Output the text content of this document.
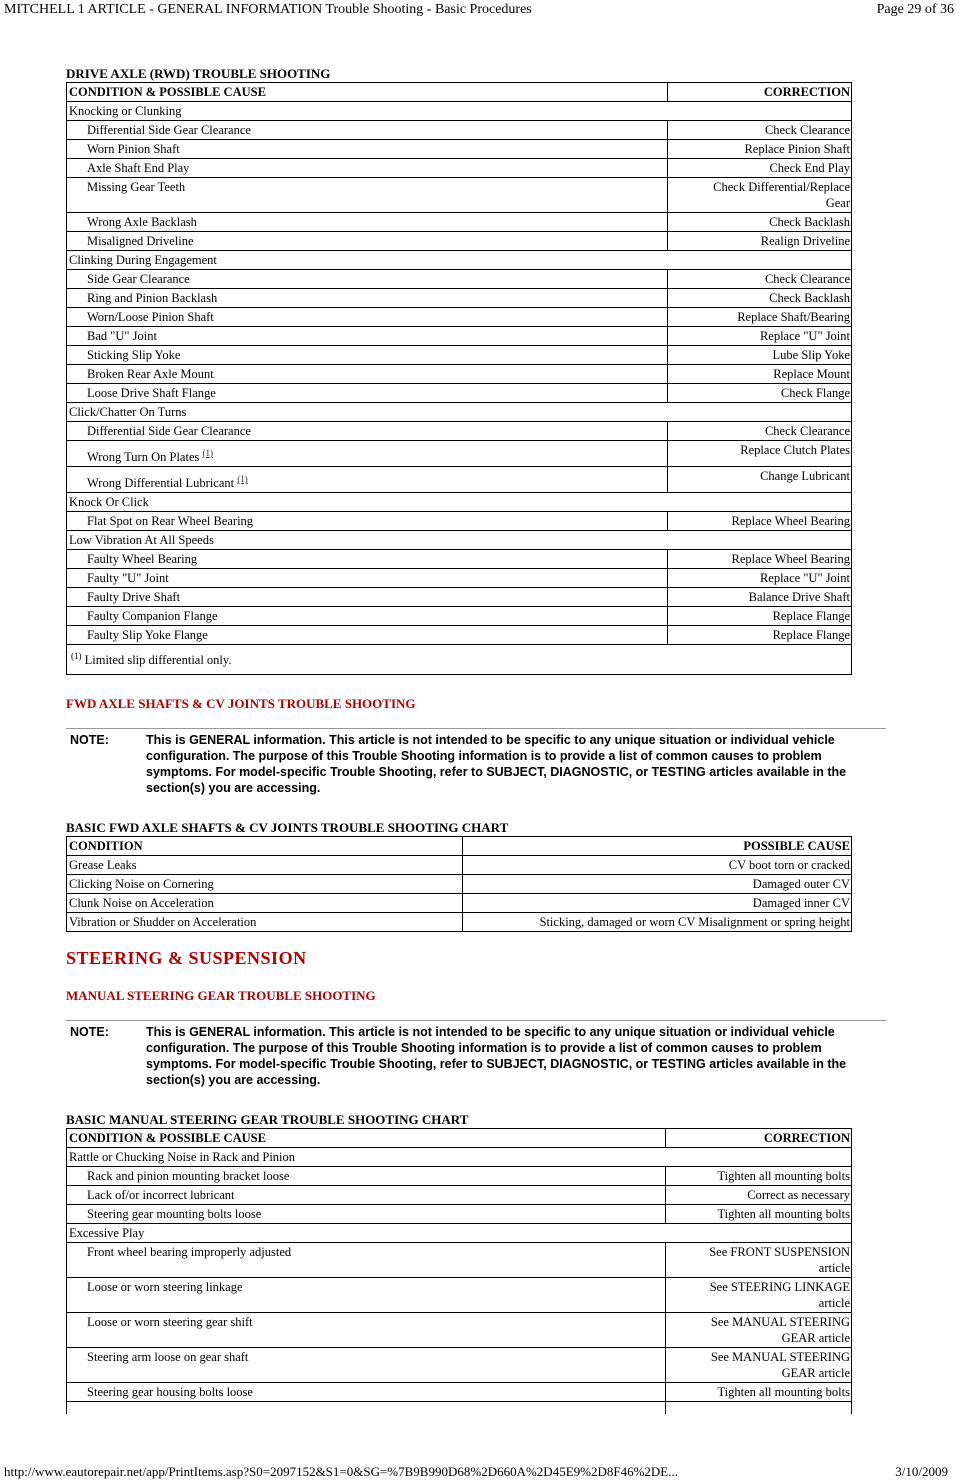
MITCHELL 1 ARTICLE - GENERAL INFORMATION Trouble Shooting - Basic Procedures	Page 29 of 36
DRIVE AXLE (RWD) TROUBLE SHOOTING
CONDITION & POSSIBLE CAUSE	CORRECTION
Knocking or Clunking	
Differential Side Gear Clearance	Check Clearance
Worn Pinion Shaft	Replace Pinion Shaft
Axle Shaft End Play	Check End Play
Missing Gear Teeth	Check Differential/Replace
Gear
Wrong Axle Backlash	Check Backlash
Misaligned Driveline	Realign Driveline
Clinking During Engagement	
Side Gear Clearance	Check Clearance
Ring and Pinion Backlash	Check Backlash
Worn/Loose Pinion Shaft	Replace Shaft/Bearing
Bad "U" Joint	Replace "U" Joint
Sticking Slip Yoke	Lube Slip Yoke
Broken Rear Axle Mount	Replace Mount
Loose Drive Shaft Flange	Check Flange
Click/Chatter On Turns	
Differential Side Gear Clearance	Check Clearance
Wrong Turn On Plates $^{(1)}$	Replace Clutch Plates
Wrong Differential Lubricant $^{(1)}$	Change Lubricant
Knock Or Click	
Flat Spot on Rear Wheel Bearing	Replace Wheel Bearing
Low Vibration At All Speeds	
Faulty Wheel Bearing	Replace Wheel Bearing
Faulty "U" Joint	Replace "U" Joint
Faulty Drive Shaft	Balance Drive Shaft
Faulty Companion Flange	Replace Flange
Faulty Slip Yoke Flange	Replace Flange
$^{(1)}$ Limited slip differential only.	
FWD AXLE SHAFTS & CV JOINTS TROUBLE SHOOTING
NOTE:	This is GENERAL information. This article is not intended to be specific to any unique situation or individual vehicle configuration. The purpose of this Trouble Shooting information is to provide a list of common causes to problem symptoms. For model-specific Trouble Shooting, refer to SUBJECT, DIAGNOSTIC, or TESTING articles available in the section(s) you are accessing.
BASIC FWD AXLE SHAFTS & CV JOINTS TROUBLE SHOOTING CHART
CONDITION	POSSIBLE CAUSE
Grease Leaks	CV boot torn or cracked
Clicking Noise on Cornering	Damaged outer CV
Clunk Noise on Acceleration	Damaged inner CV
Vibration or Shudder on Acceleration	Sticking, damaged or worn CV Misalignment or spring height
STEERING & SUSPENSION
MANUAL STEERING GEAR TROUBLE SHOOTING
NOTE:	This is GENERAL information. This article is not intended to be specific to any unique situation or individual vehicle configuration. The purpose of this Trouble Shooting information is to provide a list of common causes to problem symptoms. For model-specific Trouble Shooting, refer to SUBJECT, DIAGNOSTIC, or TESTING articles available in the section(s) you are accessing.
BASIC MANUAL STEERING GEAR TROUBLE SHOOTING CHART
CONDITION & POSSIBLE CAUSE	CORRECTION
Rattle or Chucking Noise in Rack and Pinion	
Rack and pinion mounting bracket loose	Tighten all mounting bolts
Lack of/or incorrect lubricant	Correct as necessary
Steering gear mounting bolts loose	Tighten all mounting bolts
Excessive Play	
Front wheel bearing improperly adjusted	See FRONT SUSPENSION
article
Loose or worn steering linkage	See STEERING LINKAGE
article
Loose or worn steering gear shift	See MANUAL STEERING
GEAR article
Steering arm loose on gear shaft	See MANUAL STEERING
GEAR article
Steering gear housing bolts loose	Tighten all mounting bolts

http://www.eautorepair.net/app/PrintItems.asp?S0=2097152&S1=0&SG=%7B9B990D68%2D660A%2D45E9%2D8F46%2DE...	3/10/2009
